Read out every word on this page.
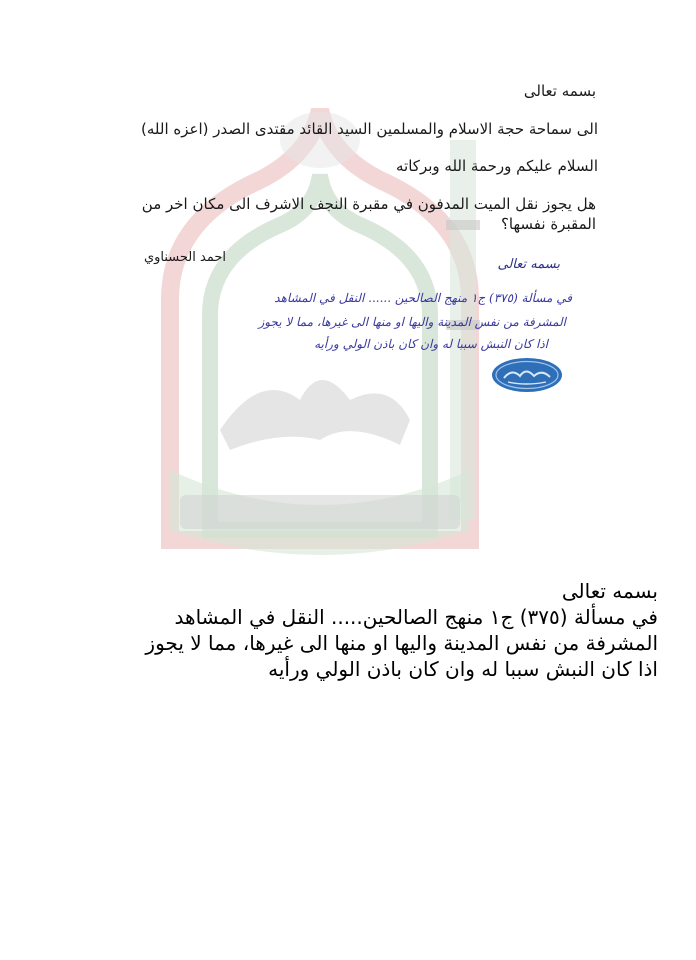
بسمه تعالى
الى سماحة حجة الاسلام والمسلمين السيد القائد مقتدى الصدر (اعزه الله)
السلام عليكم ورحمة الله وبركاته
هل يجوز نقل الميت المدفون في مقبرة النجف الاشرف الى مكان اخر من المقبرة نفسها؟
احمد الحسناوي	بسمه تعالى
في مسألة (٣٧٥) ج١ منهج الصالحين ...... النقل في المشاهد
المشرفة من نفس المدينة واليها او منها الى غيرها، مما لا يجوز
اذا كان النبش سببا له وان كان باذن الولي ورأيه
بسمه تعالى

في مسألة (٣٧٥) ج١ منهج الصالحين..... النقل في المشاهد

المشرفة من نفس المدينة واليها او منها الى غيرها، مما لا يجوز

اذا كان النبش سببا له وان كان باذن الولي ورأيه
